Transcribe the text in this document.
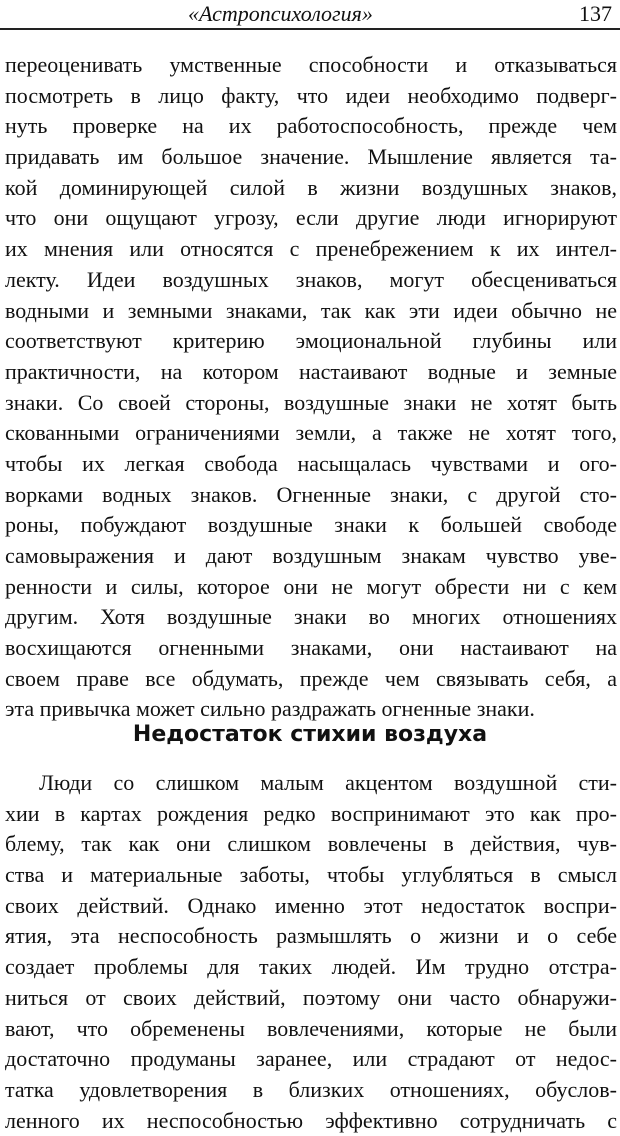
«Астропсихология»	137
переоценивать умственные способности и отказываться
посмотреть в лицо факту, что идеи необходимо подверг-
нуть проверке на их работоспособность, прежде чем
придавать им большое значение. Мышление является та-
кой доминирующей силой в жизни воздушных знаков,
что они ощущают угрозу, если другие люди игнорируют
их мнения или относятся с пренебрежением к их интел-
лекту. Идеи воздушных знаков, могут обесцениваться
водными и земными знаками, так как эти идеи обычно не
соответствуют критерию эмоциональной глубины или
практичности, на котором настаивают водные и земные
знаки. Со своей стороны, воздушные знаки не хотят быть
скованными ограничениями земли, а также не хотят того,
чтобы их легкая свобода насыщалась чувствами и ого-
ворками водных знаков. Огненные знаки, с другой сто-
роны, побуждают воздушные знаки к большей свободе
самовыражения и дают воздушным знакам чувство уве-
ренности и силы, которое они не могут обрести ни с кем
другим. Хотя воздушные знаки во многих отношениях
восхищаются огненными знаками, они настаивают на
своем праве все обдумать, прежде чем связывать себя, а
эта привычка может сильно раздражать огненные знаки.
Недостаток стихии воздуха
Люди со слишком малым акцентом воздушной сти-
хии в картах рождения редко воспринимают это как про-
блему, так как они слишком вовлечены в действия, чув-
ства и материальные заботы, чтобы углубляться в смысл
своих действий. Однако именно этот недостаток воспри-
ятия, эта неспособность размышлять о жизни и о себе
создает проблемы для таких людей. Им трудно отстра-
ниться от своих действий, поэтому они часто обнаружи-
вают, что обременены вовлечениями, которые не были
достаточно продуманы заранее, или страдают от недос-
татка удовлетворения в близких отношениях, обуслов-
ленного их неспособностью эффективно сотрудничать с
